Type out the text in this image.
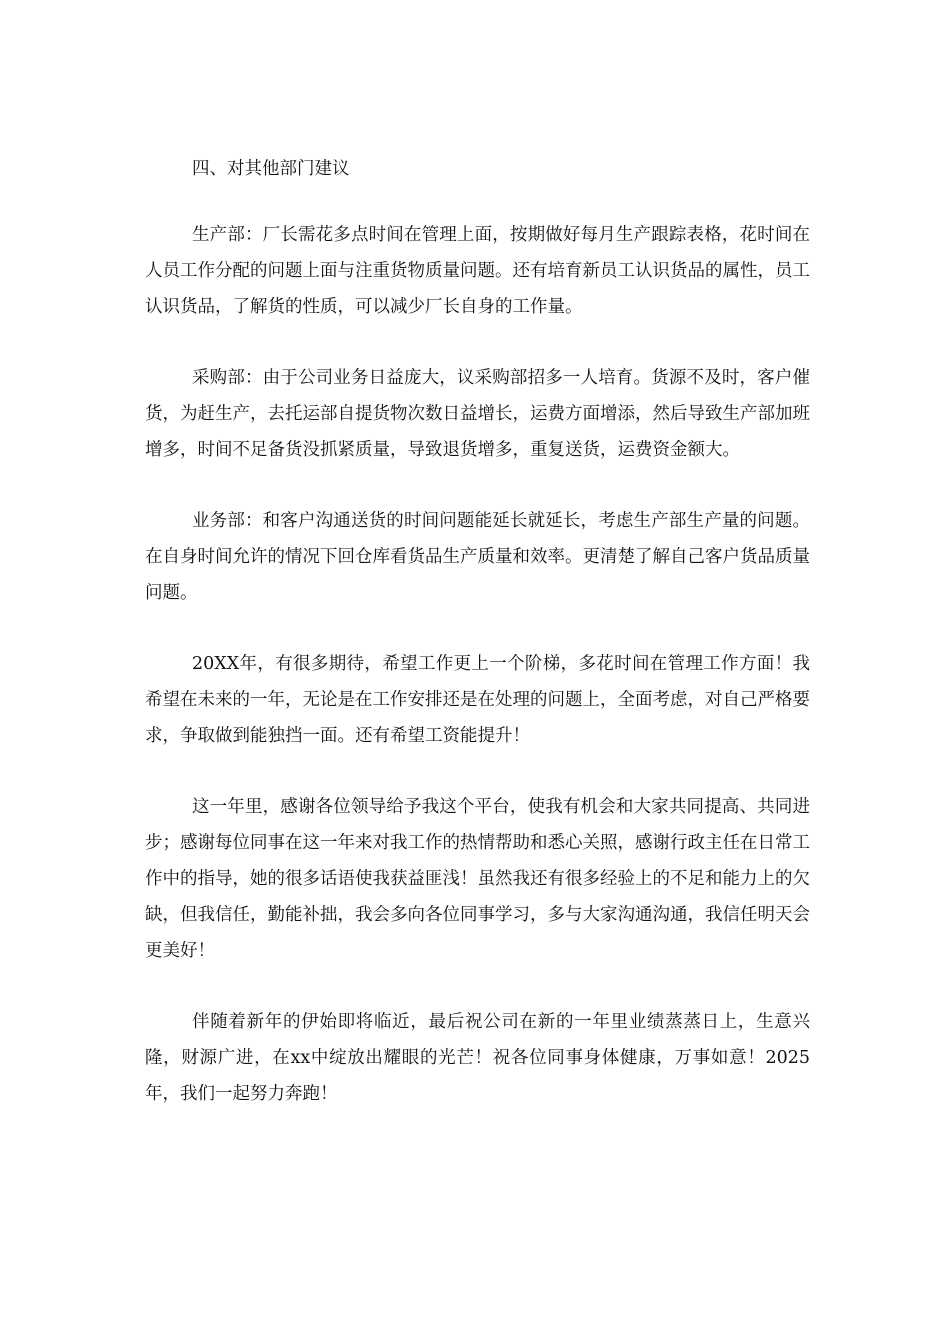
四、对其他部门建议

生产部：厂长需花多点时间在管理上面，按期做好每月生产跟踪表格，花时间在人员工作分配的问题上面与注重货物质量问题。还有培育新员工认识货品的属性，员工认识货品，了解货的性质，可以减少厂长自身的工作量。

采购部：由于公司业务日益庞大，议采购部招多一人培育。货源不及时，客户催货，为赶生产，去托运部自提货物次数日益增长，运费方面增添，然后导致生产部加班增多，时间不足备货没抓紧质量，导致退货增多，重复送货，运费资金额大。

业务部：和客户沟通送货的时间问题能延长就延长，考虑生产部生产量的问题。在自身时间允许的情况下回仓库看货品生产质量和效率。更清楚了解自己客户货品质量问题。

20XX年，有很多期待，希望工作更上一个阶梯，多花时间在管理工作方面！我希望在未来的一年，无论是在工作安排还是在处理的问题上，全面考虑，对自己严格要求，争取做到能独挡一面。还有希望工资能提升！

这一年里，感谢各位领导给予我这个平台，使我有机会和大家共同提高、共同进步；感谢每位同事在这一年来对我工作的热情帮助和悉心关照，感谢行政主任在日常工作中的指导，她的很多话语使我获益匪浅！虽然我还有很多经验上的不足和能力上的欠缺，但我信任，勤能补拙，我会多向各位同事学习，多与大家沟通沟通，我信任明天会更美好！

伴随着新年的伊始即将临近，最后祝公司在新的一年里业绩蒸蒸日上，生意兴隆，财源广进，在xx中绽放出耀眼的光芒！祝各位同事身体健康，万事如意！2025年，我们一起努力奔跑！
